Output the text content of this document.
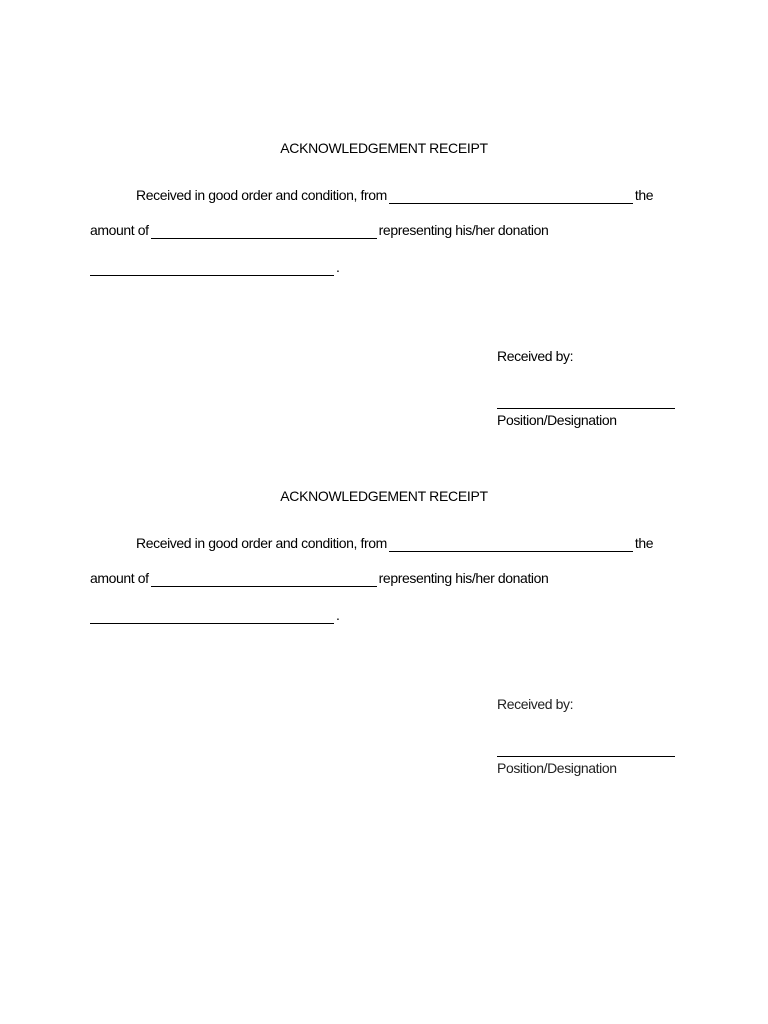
ACKNOWLEDGEMENT RECEIPT
Received in good order and condition, from	the
amount of	representing his/her donation
.
Received by:
Position/Designation
ACKNOWLEDGEMENT RECEIPT
Received in good order and condition, from	the
amount of	representing his/her donation
.
Received by:
Position/Designation
